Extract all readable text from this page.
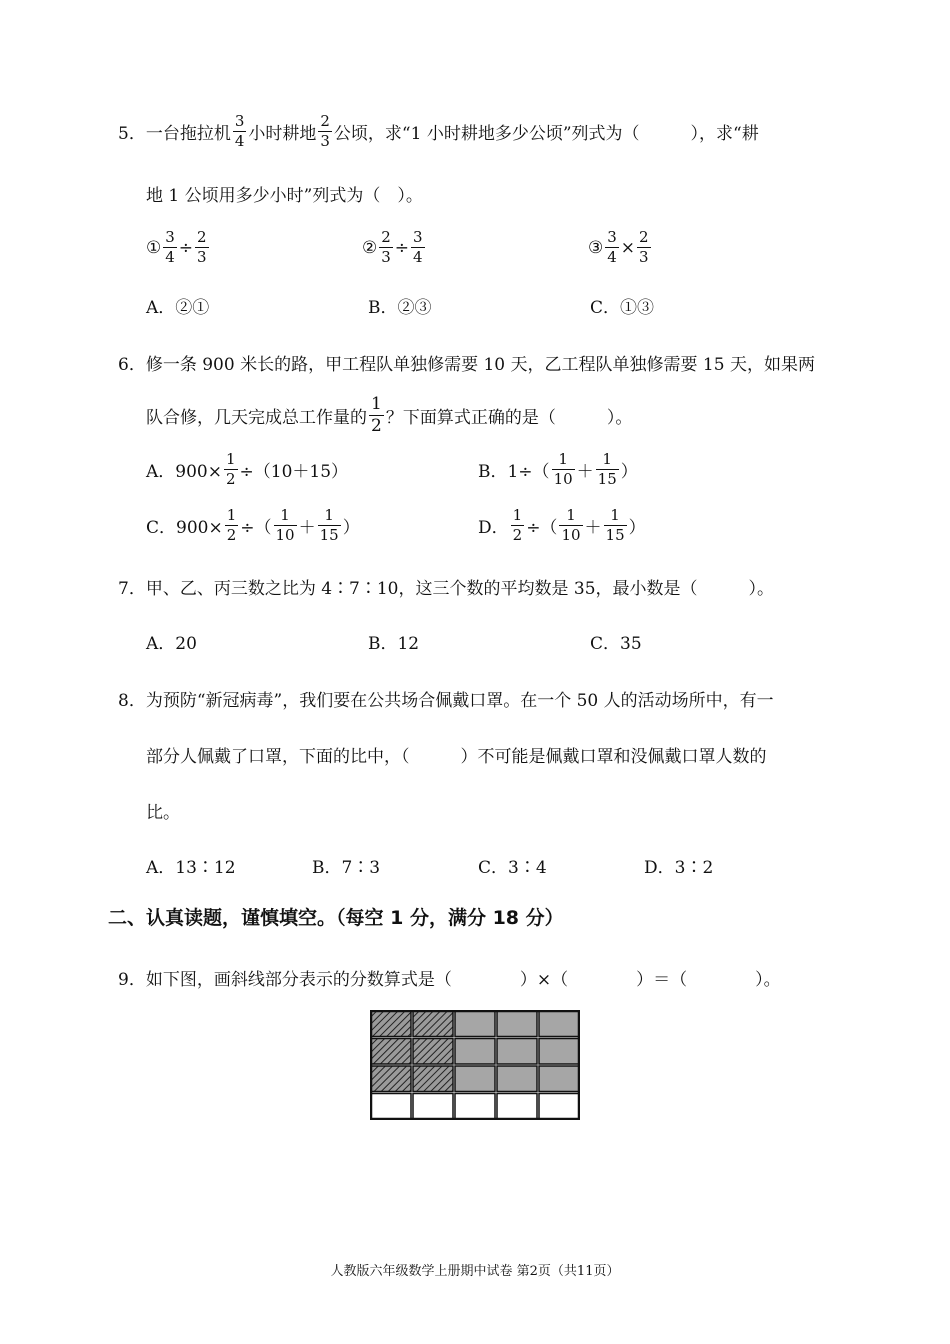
5． 一台拖拉机 $\frac{3}{4}$ 小时耕地 $\frac{2}{3}$ 公顷，求“1 小时耕地多少公顷”列式为（　　　），求“耕
地 1 公顷用多少小时”列式为（　）。
① $\frac{3}{4} \div \frac{2}{3}$	② $\frac{2}{3} \div \frac{3}{4}$	③ $\frac{3}{4} \times \frac{2}{3}$
A．②①	B．②③	C．①③
6． 修一条 900 米长的路，甲工程队单独修需要 10 天，乙工程队单独修需要 15 天，如果两
队合修，几天完成总工作量的 $\frac{1}{2}$ ？下面算式正确的是（　　　）。
A．$900\times \frac{1}{2} \div(10+15)$	B．$1\div( \frac{1}{10} + \frac{1}{15}$ ）
C．$900\times \frac{1}{2}$ ÷（ $\frac{1}{10} + \frac{1}{15}$ ）	D． $\frac{1}{2}$ ÷（ $\frac{1}{10} + \frac{1}{15}$ ）
7． 甲、乙、丙三数之比为 4∶7∶10，这三个数的平均数是 35，最小数是（　　　）。
A．20	B．12	C．35
8． 为预防“新冠病毒”，我们要在公共场合佩戴口罩。在一个 50 人的活动场所中，有一
部分人佩戴了口罩，下面的比中，（　　　）不可能是佩戴口罩和没佩戴口罩人数的
比。
A．13∶12	B．7∶3	C．3∶4	D．3∶2
二、认真读题，谨慎填空。（每空 1 分，满分 18 分）
9． 如下图，画斜线部分表示的分数算式是（　　　　）×（　　　　）＝（　　　　）。
人教版六年级数学上册期中试卷 第2页（共11页）
